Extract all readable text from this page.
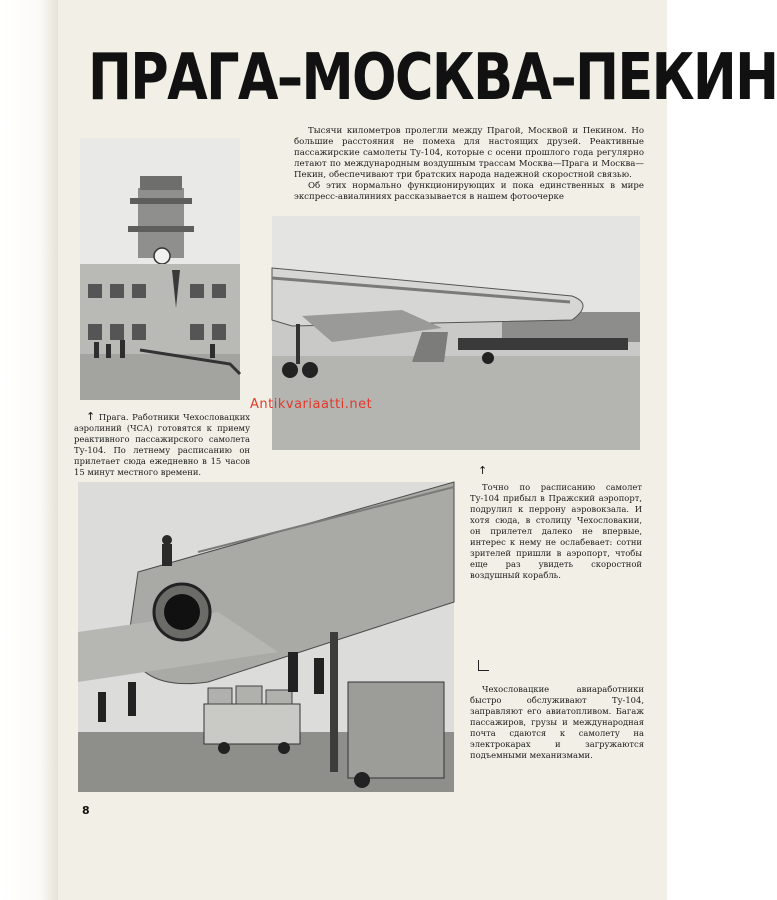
ПРАГА–МОСКВА–ПЕКИН

Тысячи километров пролегли между Прагой, Москвой и Пекином. Но большие расстояния не помеха для настоящих друзей. Реактивные пассажирские самолеты Ту-104, которые с осени прошлого года регулярно летают по международным воздушным трассам Москва—Прага и Москва—Пекин, обеспечивают три братских народа надежной скоростной связью.

Об этих нормально функционирующих и пока единственных в мире экспресс-авиалиниях рассказывается в нашем фотоочерке

↑ Прага. Работники Чехословацких аэролиний (ЧСА) готовятся к приему реактивного пассажирского самолета Ту-104. По летнему расписанию он прилетает сюда ежедневно в 15 часов 15 минут местного времени.	↑

Точно по расписанию самолет Ту-104 прибыл в Пражский аэропорт, подрулил к перрону аэровокзала. И хотя сюда, в столицу Чехословакии, он прилетел далеко не впервые, интерес к нему не ослабевает: сотни зрителей пришли в аэропорт, чтобы еще раз увидеть скоростной воздушный корабль.

Чехословацкие авиаработники быстро обслуживают Ту-104, заправляют его авиатопливом. Багаж пассажиров, грузы и международная почта сдаются к самолету на электрокарах и загружаются подъемными механизмами.

8
Antikvariaatti.net
